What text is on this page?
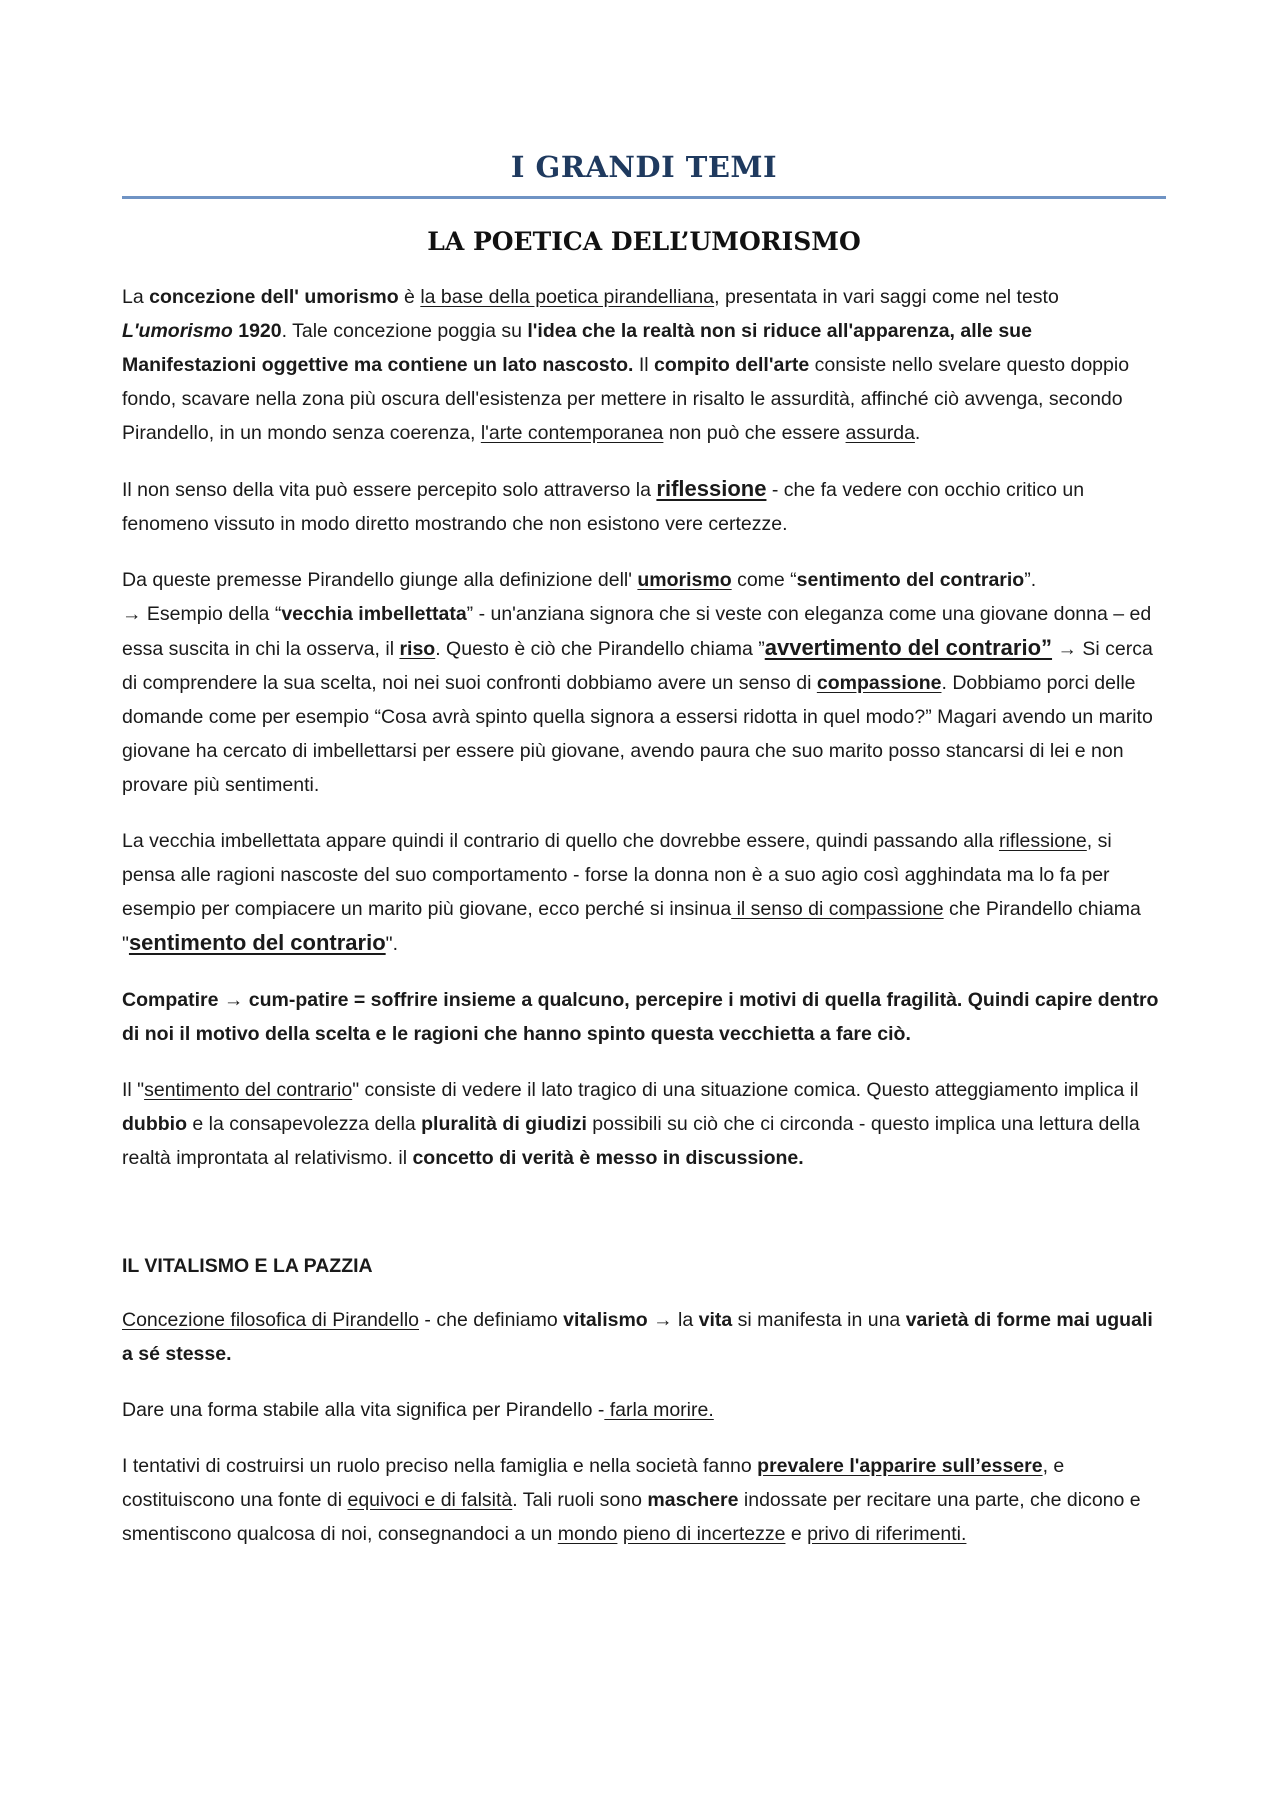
I GRANDI TEMI
LA POETICA DELL’UMORISMO

La concezione dell' umorismo è la base della poetica pirandelliana, presentata in vari saggi come nel testo L'umorismo 1920. Tale concezione poggia su l'idea che la realtà non si riduce all'apparenza, alle sue Manifestazioni oggettive ma contiene un lato nascosto. Il compito dell'arte consiste nello svelare questo doppio fondo, scavare nella zona più oscura dell'esistenza per mettere in risalto le assurdità, affinché ciò avvenga, secondo Pirandello, in un mondo senza coerenza, l'arte contemporanea non può che essere assurda.

Il non senso della vita può essere percepito solo attraverso la riflessione - che fa vedere con occhio critico un fenomeno vissuto in modo diretto mostrando che non esistono vere certezze.

Da queste premesse Pirandello giunge alla definizione dell' umorismo come “sentimento del contrario”.
→ Esempio della “vecchia imbellettata” - un'anziana signora che si veste con eleganza come una giovane donna – ed essa suscita in chi la osserva, il riso. Questo è ciò che Pirandello chiama ”avvertimento del contrario” → Si cerca di comprendere la sua scelta, noi nei suoi confronti dobbiamo avere un senso di compassione. Dobbiamo porci delle domande come per esempio “Cosa avrà spinto quella signora a essersi ridotta in quel modo?” Magari avendo un marito giovane ha cercato di imbellettarsi per essere più giovane, avendo paura che suo marito posso stancarsi di lei e non provare più sentimenti.

La vecchia imbellettata appare quindi il contrario di quello che dovrebbe essere, quindi passando alla riflessione, si pensa alle ragioni nascoste del suo comportamento - forse la donna non è a suo agio così agghindata ma lo fa per esempio per compiacere un marito più giovane, ecco perché si insinua il senso di compassione che Pirandello chiama "sentimento del contrario".

Compatire → cum-patire = soffrire insieme a qualcuno, percepire i motivi di quella fragilità. Quindi capire dentro di noi il motivo della scelta e le ragioni che hanno spinto questa vecchietta a fare ciò.

Il "sentimento del contrario" consiste di vedere il lato tragico di una situazione comica. Questo atteggiamento implica il dubbio e la consapevolezza della pluralità di giudizi possibili su ciò che ci circonda - questo implica una lettura della realtà improntata al relativismo. il concetto di verità è messo in discussione.

IL VITALISMO E LA PAZZIA

Concezione filosofica di Pirandello - che definiamo vitalismo → la vita si manifesta in una varietà di forme mai uguali a sé stesse.

Dare una forma stabile alla vita significa per Pirandello - farla morire.

I tentativi di costruirsi un ruolo preciso nella famiglia e nella società fanno prevalere l'apparire sull’essere, e costituiscono una fonte di equivoci e di falsità. Tali ruoli sono maschere indossate per recitare una parte, che dicono e smentiscono qualcosa di noi, consegnandoci a un mondo pieno di incertezze e privo di riferimenti.
